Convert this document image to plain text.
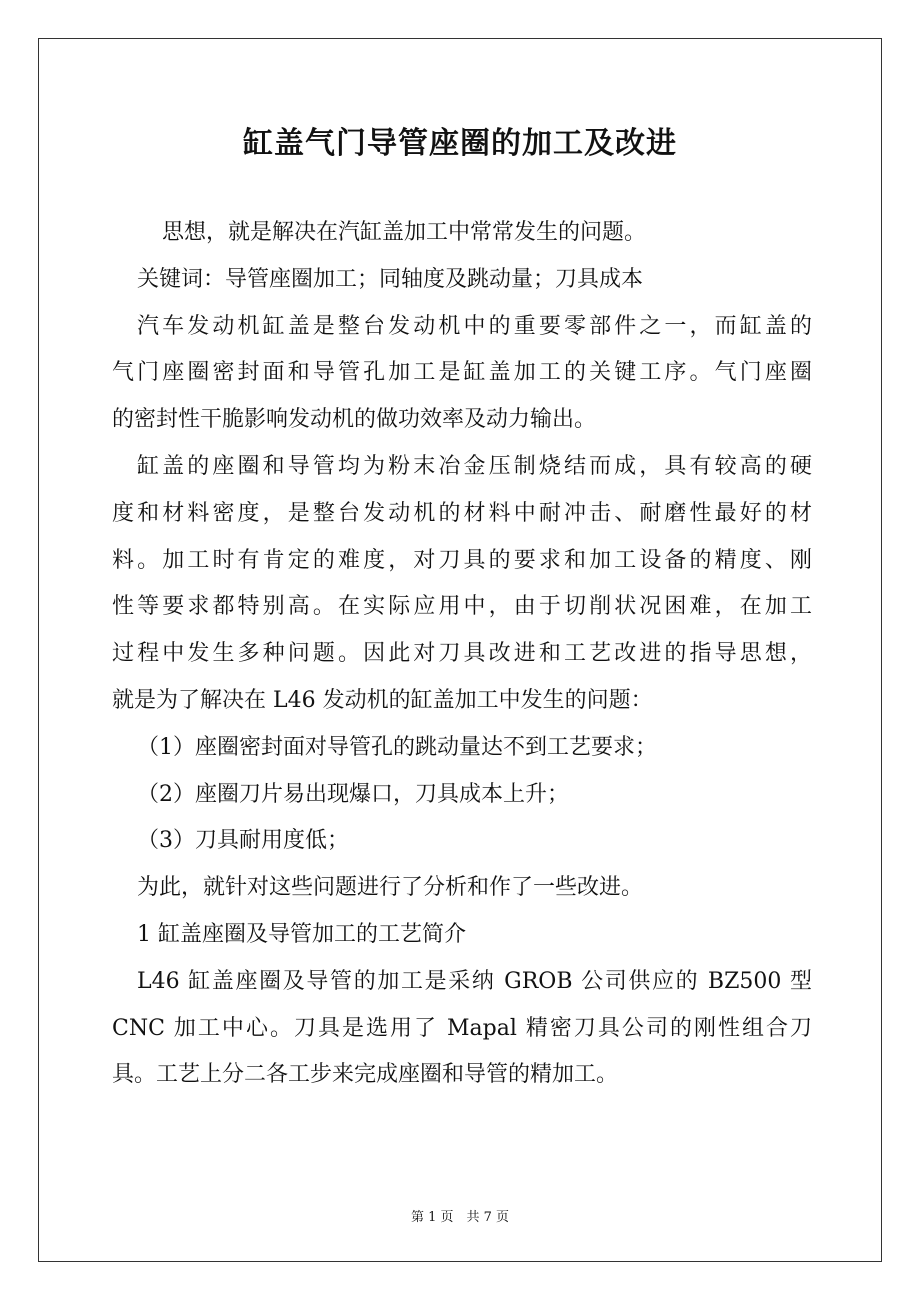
缸盖气门导管座圈的加工及改进
思想，就是解决在汽缸盖加工中常常发生的问题。
关键词：导管座圈加工；同轴度及跳动量；刀具成本
汽车发动机缸盖是整台发动机中的重要零部件之一，而缸盖的
气门座圈密封面和导管孔加工是缸盖加工的关键工序。气门座圈
的密封性干脆影响发动机的做功效率及动力输出。
缸盖的座圈和导管均为粉末冶金压制烧结而成，具有较高的硬
度和材料密度，是整台发动机的材料中耐冲击、耐磨性最好的材
料。加工时有肯定的难度，对刀具的要求和加工设备的精度、刚
性等要求都特别高。在实际应用中，由于切削状况困难，在加工
过程中发生多种问题。因此对刀具改进和工艺改进的指导思想，
就是为了解决在 L46 发动机的缸盖加工中发生的问题：
（1）座圈密封面对导管孔的跳动量达不到工艺要求；
（2）座圈刀片易出现爆口，刀具成本上升；
（3）刀具耐用度低；
为此，就针对这些问题进行了分析和作了一些改进。
1 缸盖座圈及导管加工的工艺简介
L46 缸盖座圈及导管的加工是采纳 GROB 公司供应的 BZ500 型
CNC 加工中心。刀具是选用了 Mapal 精密刀具公司的刚性组合刀
具。工艺上分二各工步来完成座圈和导管的精加工。
第 1 页　共 7 页
